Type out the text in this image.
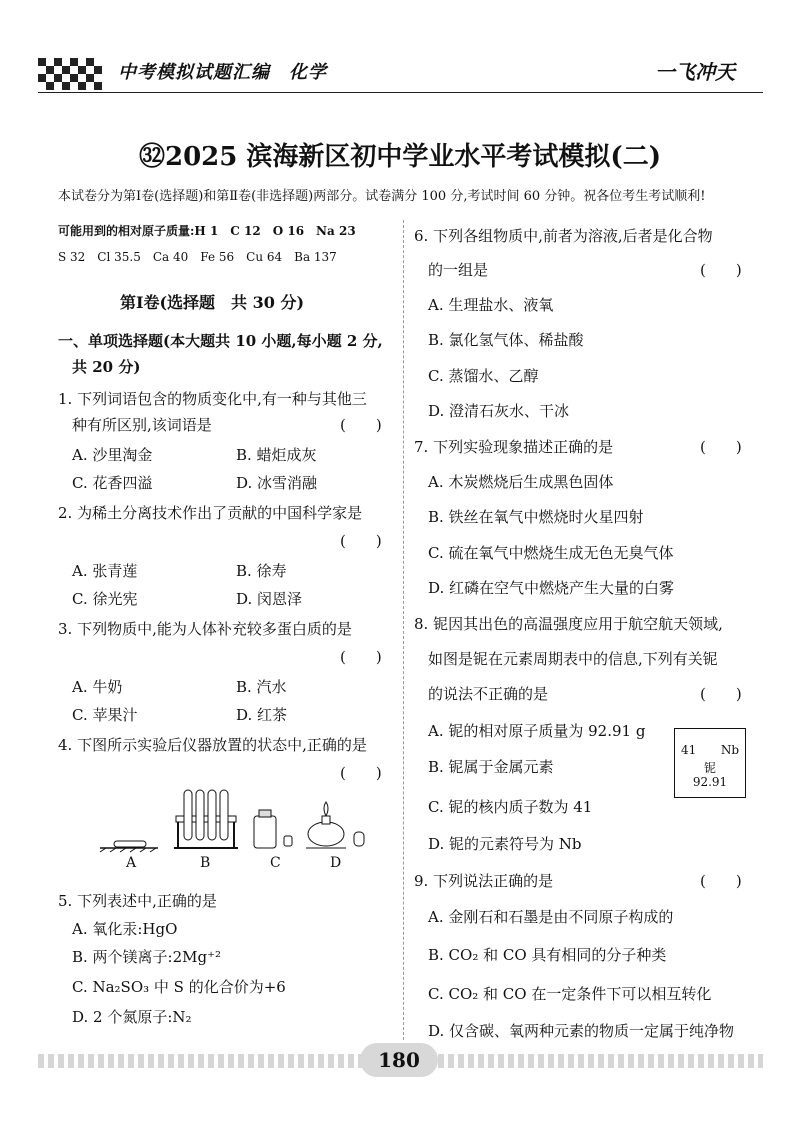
中考模拟试题汇编　化学	一飞冲天
㉜2025 滨海新区初中学业水平考试模拟(二)
本试卷分为第Ⅰ卷(选择题)和第Ⅱ卷(非选择题)两部分。试卷满分 100 分,考试时间 60 分钟。祝各位考生考试顺利!
可能用到的相对原子质量:H 1　C 12　O 16　Na 23
S 32　Cl 35.5　Ca 40　Fe 56　Cu 64　Ba 137
第Ⅰ卷(选择题　共 30 分)
一、单项选择题(本大题共 10 小题,每小题 2 分,
共 20 分)
1. 下列词语包含的物质变化中,有一种与其他三
种有所区别,该词语是	(　　)
A. 沙里淘金	B. 蜡炬成灰
C. 花香四溢	D. 冰雪消融
2. 为稀土分离技术作出了贡献的中国科学家是
(　　)
A. 张青莲	B. 徐寿
C. 徐光宪	D. 闵恩泽
3. 下列物质中,能为人体补充较多蛋白质的是
(　　)
A. 牛奶	B. 汽水
C. 苹果汁	D. 红茶
4. 下图所示实验后仪器放置的状态中,正确的是
(　　)
A	B	C	D
5. 下列表述中,正确的是
A. 氧化汞:HgO
B. 两个镁离子:2Mg⁺²
C. Na₂SO₃ 中 S 的化合价为+6
D. 2 个氮原子:N₂
6. 下列各组物质中,前者为溶液,后者是化合物
的一组是	(　　)
A. 生理盐水、液氧
B. 氯化氢气体、稀盐酸
C. 蒸馏水、乙醇
D. 澄清石灰水、干冰
7. 下列实验现象描述正确的是	(　　)
A. 木炭燃烧后生成黑色固体
B. 铁丝在氧气中燃烧时火星四射
C. 硫在氧气中燃烧生成无色无臭气体
D. 红磷在空气中燃烧产生大量的白雾
8. 铌因其出色的高温强度应用于航空航天领域,
如图是铌在元素周期表中的信息,下列有关铌
的说法不正确的是	(　　)
A. 铌的相对原子质量为 92.91 g
B. 铌属于金属元素
C. 铌的核内质子数为 41
D. 铌的元素符号为 Nb
9. 下列说法正确的是	(　　)
A. 金刚石和石墨是由不同原子构成的
B. CO₂ 和 CO 具有相同的分子种类
C. CO₂ 和 CO 在一定条件下可以相互转化
D. 仅含碳、氧两种元素的物质一定属于纯净物
41 Nb
铌
92.91
180
